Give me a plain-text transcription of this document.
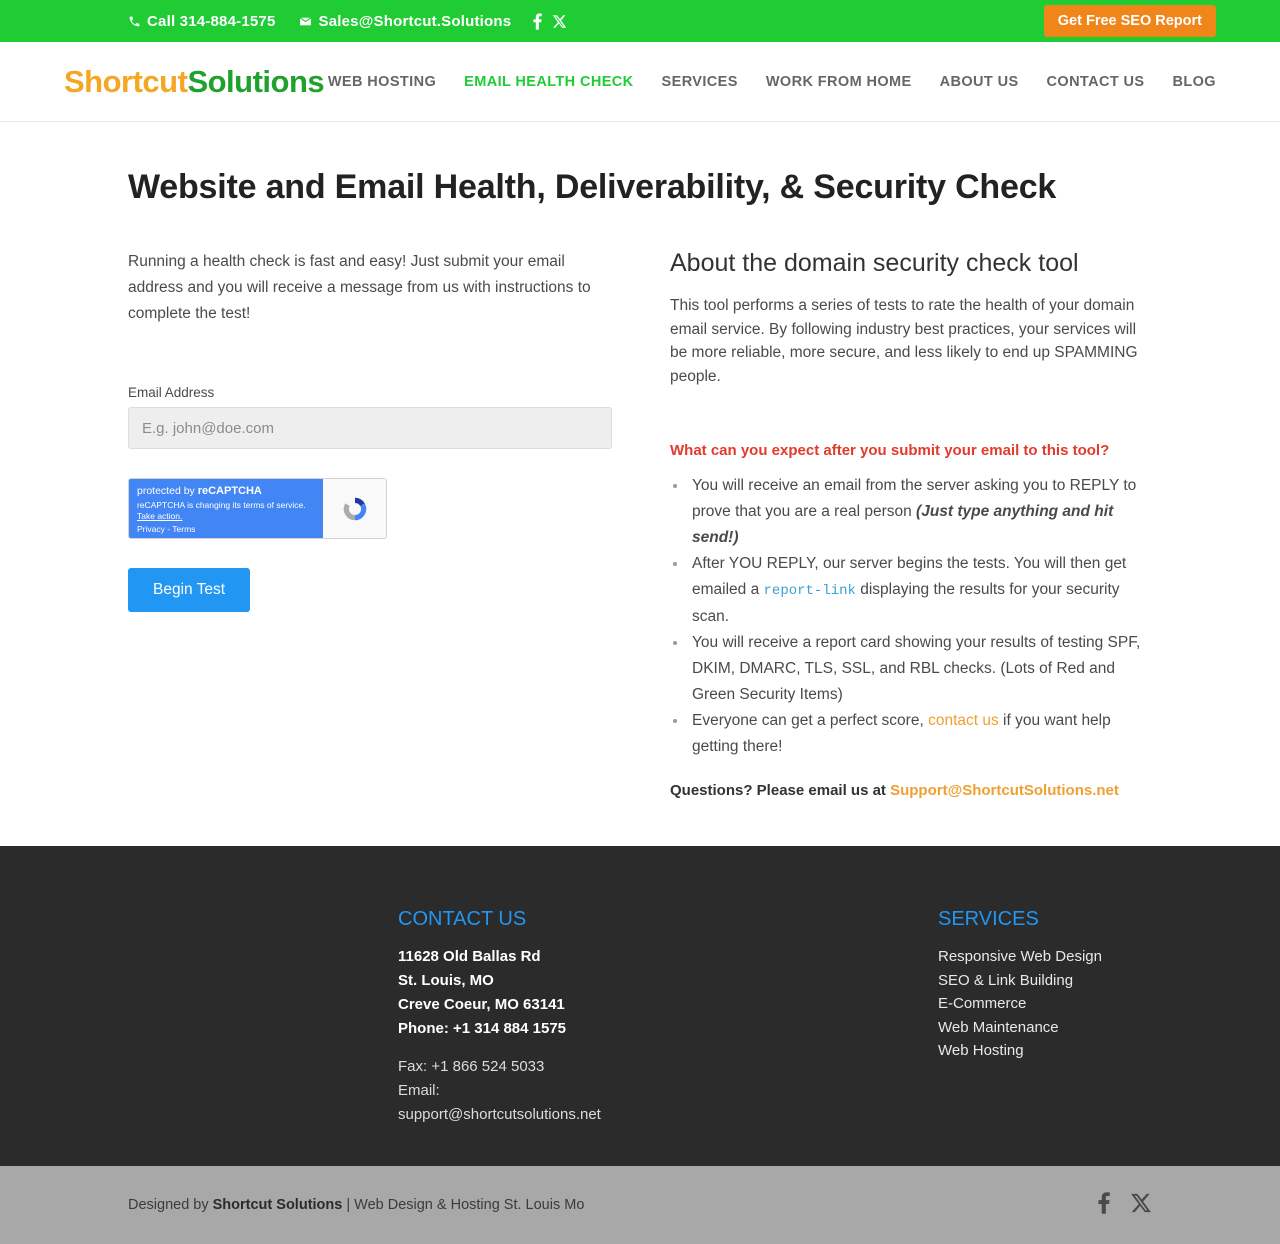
Call 314-884-1575	Sales@Shortcut.Solutions	Get Free SEO Report
ShortcutSolutions WEB HOSTING EMAIL HEALTH CHECK SERVICES WORK FROM HOME ABOUT US CONTACT US BLOG
Website and Email Health, Deliverability, & Security Check

Running a health check is fast and easy! Just submit your email address and you will receive a message from us with instructions to complete the test!

Email Address
E.g. john@doe.com
protected by reCAPTCHA
reCAPTCHA is changing its terms of service. Take action.
Privacy - Terms
Begin Test
About the domain security check tool

This tool performs a series of tests to rate the health of your domain email service. By following industry best practices, your services will be more reliable, more secure, and less likely to end up SPAMMING people.

What can you expect after you submit your email to this tool?
• You will receive an email from the server asking you to REPLY to prove that you are a real person (Just type anything and hit send!)
• After YOU REPLY, our server begins the tests. You will then get emailed a report-link displaying the results for your security scan.
• You will receive a report card showing your results of testing SPF, DKIM, DMARC, TLS, SSL, and RBL checks. (Lots of Red and Green Security Items)
• Everyone can get a perfect score, contact us if you want help getting there!
Questions? Please email us at Support@ShortcutSolutions.net
CONTACT US
11628 Old Ballas Rd
St. Louis, MO
Creve Coeur, MO 63141
Phone: +1 314 884 1575
Fax: +1 866 524 5033
Email:
support@shortcutsolutions.net
SERVICES
Responsive Web Design
SEO & Link Building
E-Commerce
Web Maintenance
Web Hosting
Designed by Shortcut Solutions | Web Design & Hosting St. Louis Mo
